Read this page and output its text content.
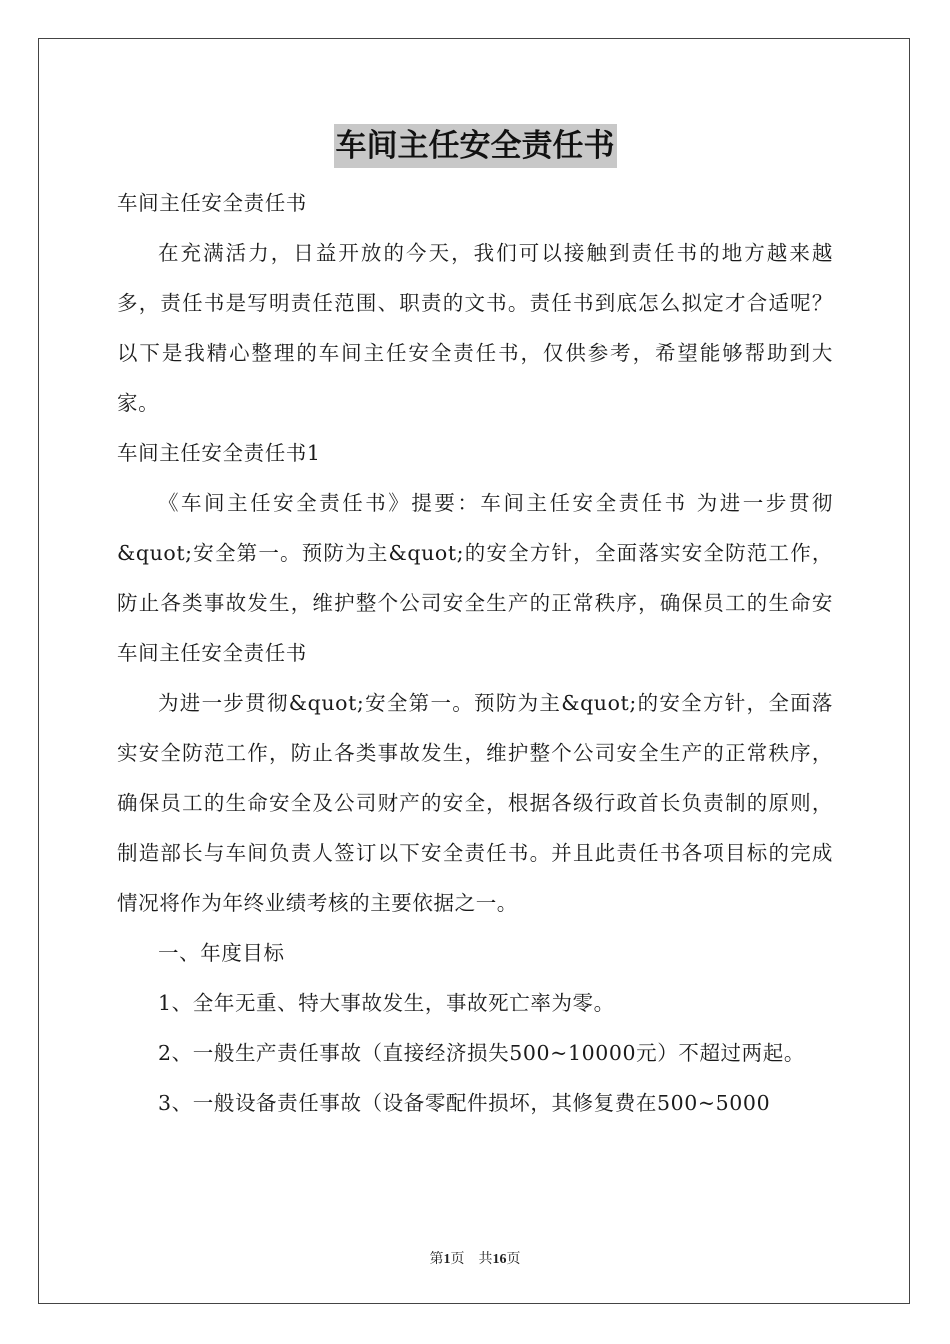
车间主任安全责任书

车间主任安全责任书

在充满活力，日益开放的今天，我们可以接触到责任书的地方越来越多，责任书是写明责任范围、职责的文书。责任书到底怎么拟定才合适呢？以下是我精心整理的车间主任安全责任书，仅供参考，希望能够帮助到大家。

车间主任安全责任书1

《车间主任安全责任书》提要：车间主任安全责任书 为进一步贯彻&quot;安全第一。预防为主&quot;的安全方针，全面落实安全防范工作，防止各类事故发生，维护整个公司安全生产的正常秩序，确保员工的生命安车间主任安全责任书

为进一步贯彻&quot;安全第一。预防为主&quot;的安全方针，全面落实安全防范工作，防止各类事故发生，维护整个公司安全生产的正常秩序，确保员工的生命安全及公司财产的安全，根据各级行政首长负责制的原则，制造部长与车间负责人签订以下安全责任书。并且此责任书各项目标的完成情况将作为年终业绩考核的主要依据之一。

一、年度目标

1、全年无重、特大事故发生，事故死亡率为零。

2、一般生产责任事故（直接经济损失500~10000元）不超过两起。

3、一般设备责任事故（设备零配件损坏，其修复费在500~5000

第1页 共16页
